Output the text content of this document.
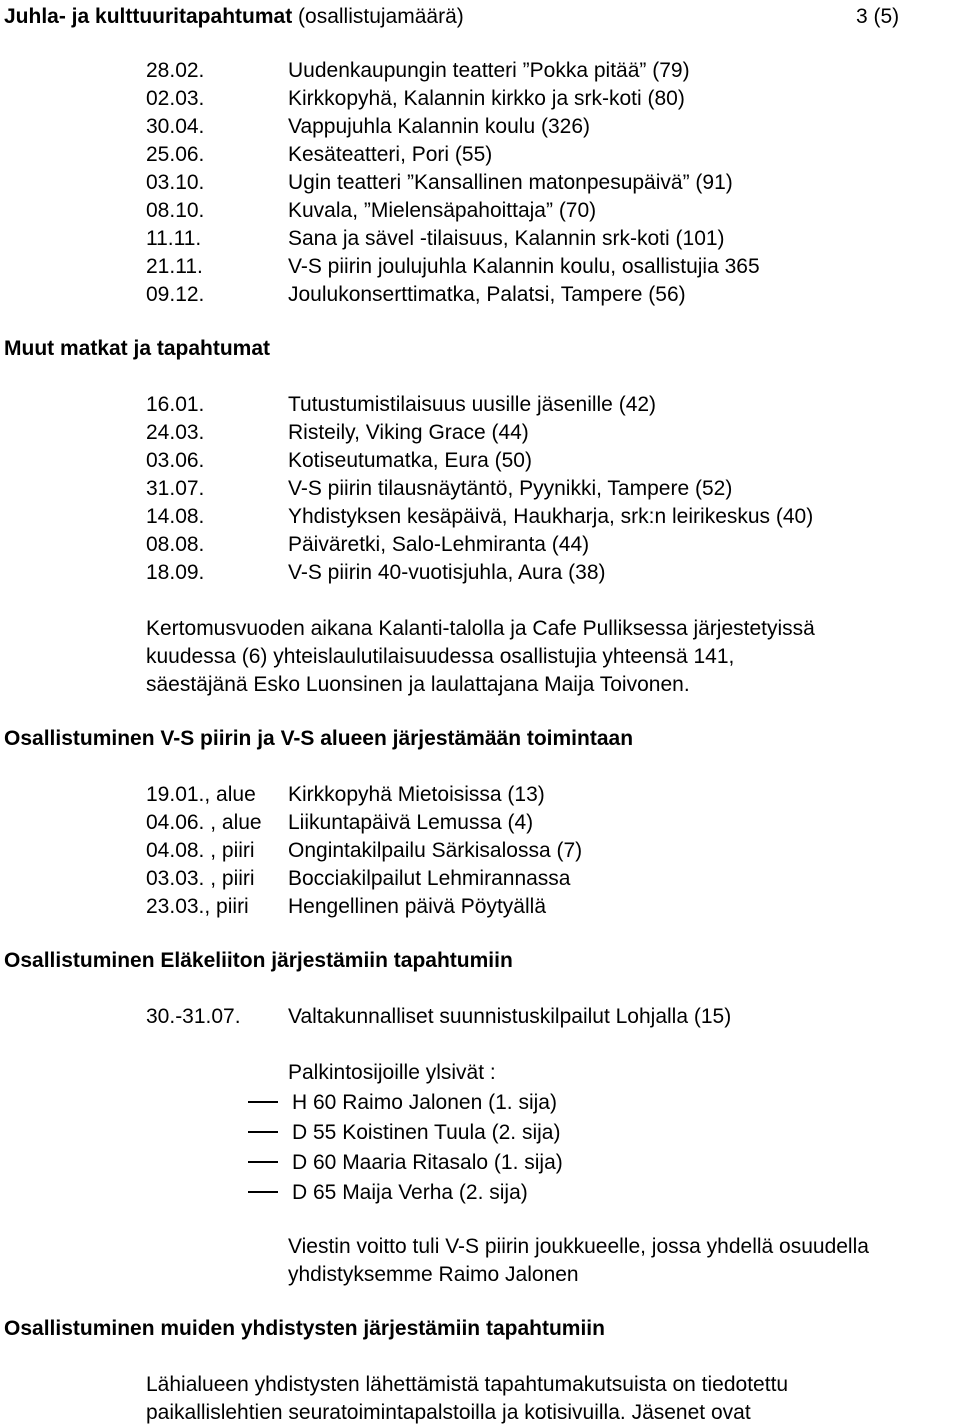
Juhla- ja kulttuuritapahtumat (osallistujamäärä)	3 (5)
28.02.	Uudenkaupungin teatteri ”Pokka pitää” (79)
02.03.	Kirkkopyhä, Kalannin kirkko ja srk-koti (80)
30.04.	Vappujuhla Kalannin koulu (326)
25.06.	Kesäteatteri, Pori (55)
03.10.	Ugin teatteri ”Kansallinen matonpesupäivä” (91)
08.10.	Kuvala, ”Mielensäpahoittaja” (70)
11.11.	Sana ja sävel -tilaisuus, Kalannin srk-koti (101)
21.11.	V-S piirin joulujuhla Kalannin koulu, osallistujia 365
09.12.	Joulukonserttimatka, Palatsi, Tampere (56)
Muut matkat ja tapahtumat
16.01.	Tutustumistilaisuus uusille jäsenille (42)
24.03.	Risteily, Viking Grace (44)
03.06.	Kotiseutumatka, Eura (50)
31.07.	V-S piirin tilausnäytäntö, Pyynikki, Tampere (52)
14.08.	Yhdistyksen kesäpäivä, Haukharja, srk:n leirikeskus (40)
08.08.	Päiväretki, Salo-Lehmiranta (44)
18.09.	V-S piirin 40-vuotisjuhla, Aura (38)
Kertomusvuoden aikana Kalanti-talolla ja Cafe Pulliksessa järjestetyissä
kuudessa (6) yhteislaulutilaisuudessa osallistujia yhteensä 141,
säestäjänä Esko Luonsinen ja laulattajana Maija Toivonen.
Osallistuminen V-S piirin ja V-S alueen järjestämään toimintaan
19.01., alue Kirkkopyhä Mietoisissa (13)
04.06. , alue Liikuntapäivä Lemussa (4)
04.08. , piiri Ongintakilpailu Särkisalossa (7)
03.03. , piiri Bocciakilpailut Lehmirannassa
23.03., piiri Hengellinen päivä Pöytyällä
Osallistuminen Eläkeliiton järjestämiin tapahtumiin
30.-31.07. Valtakunnalliset suunnistuskilpailut Lohjalla (15)
Palkintosijoille ylsivät :
H 60 Raimo Jalonen (1. sija)
D 55 Koistinen Tuula (2. sija)
D 60 Maaria Ritasalo (1. sija)
D 65 Maija Verha (2. sija)
Viestin voitto tuli V-S piirin joukkueelle, jossa yhdellä osuudella
yhdistyksemme Raimo Jalonen
Osallistuminen muiden yhdistysten järjestämiin tapahtumiin
Lähialueen yhdistysten lähettämistä tapahtumakutsuista on tiedotettu
paikallislehtien seuratoimintapalstoilla ja kotisivuilla. Jäsenet ovat
